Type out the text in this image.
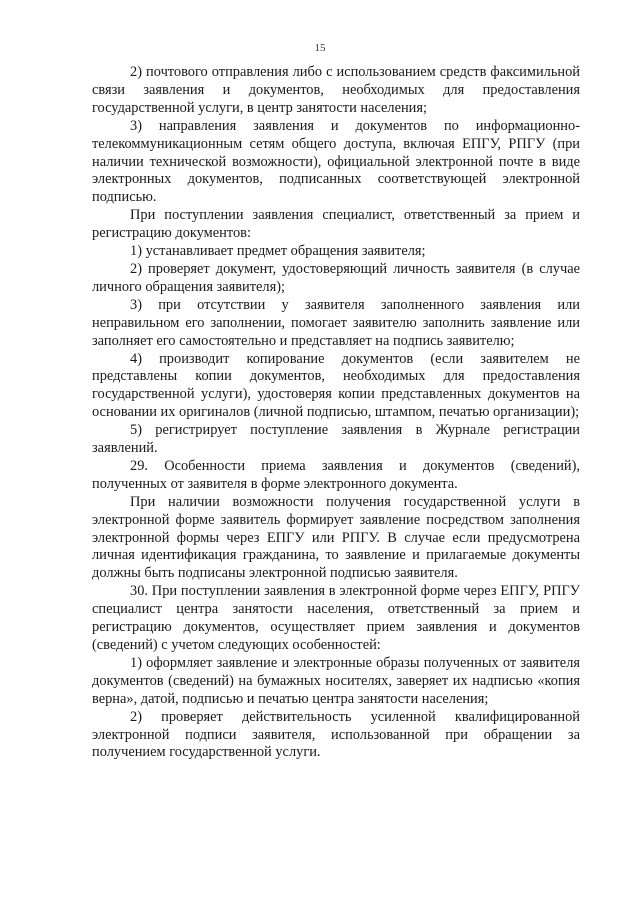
15

2) почтового отправления либо с использованием средств факсимильной связи заявления и документов, необходимых для предоставления государственной услуги, в центр занятости населения;

3) направления заявления и документов по информационно-телекоммуникационным сетям общего доступа, включая ЕПГУ, РПГУ (при наличии технической возможности), официальной электронной почте в виде электронных документов, подписанных соответствующей электронной подписью.

При поступлении заявления специалист, ответственный за прием и регистрацию документов:

1) устанавливает предмет обращения заявителя;

2) проверяет документ, удостоверяющий личность заявителя (в случае личного обращения заявителя);

3) при отсутствии у заявителя заполненного заявления или неправильном его заполнении, помогает заявителю заполнить заявление или заполняет его самостоятельно и представляет на подпись заявителю;

4) производит копирование документов (если заявителем не представлены копии документов, необходимых для предоставления государственной услуги), удостоверяя копии представленных документов на основании их оригиналов (личной подписью, штампом, печатью организации);

5) регистрирует поступление заявления в Журнале регистрации заявлений.

29. Особенности приема заявления и документов (сведений), полученных от заявителя в форме электронного документа.

При наличии возможности получения государственной услуги в электронной форме заявитель формирует заявление посредством заполнения электронной формы через ЕПГУ или РПГУ. В случае если предусмотрена личная идентификация гражданина, то заявление и прилагаемые документы должны быть подписаны электронной подписью заявителя.

30. При поступлении заявления в электронной форме через ЕПГУ, РПГУ специалист центра занятости населения, ответственный за прием и регистрацию документов, осуществляет прием заявления и документов (сведений) с учетом следующих особенностей:

1) оформляет заявление и электронные образы полученных от заявителя документов (сведений) на бумажных носителях, заверяет их надписью «копия верна», датой, подписью и печатью центра занятости населения;

2) проверяет действительность усиленной квалифицированной электронной подписи заявителя, использованной при обращении за получением государственной услуги.
